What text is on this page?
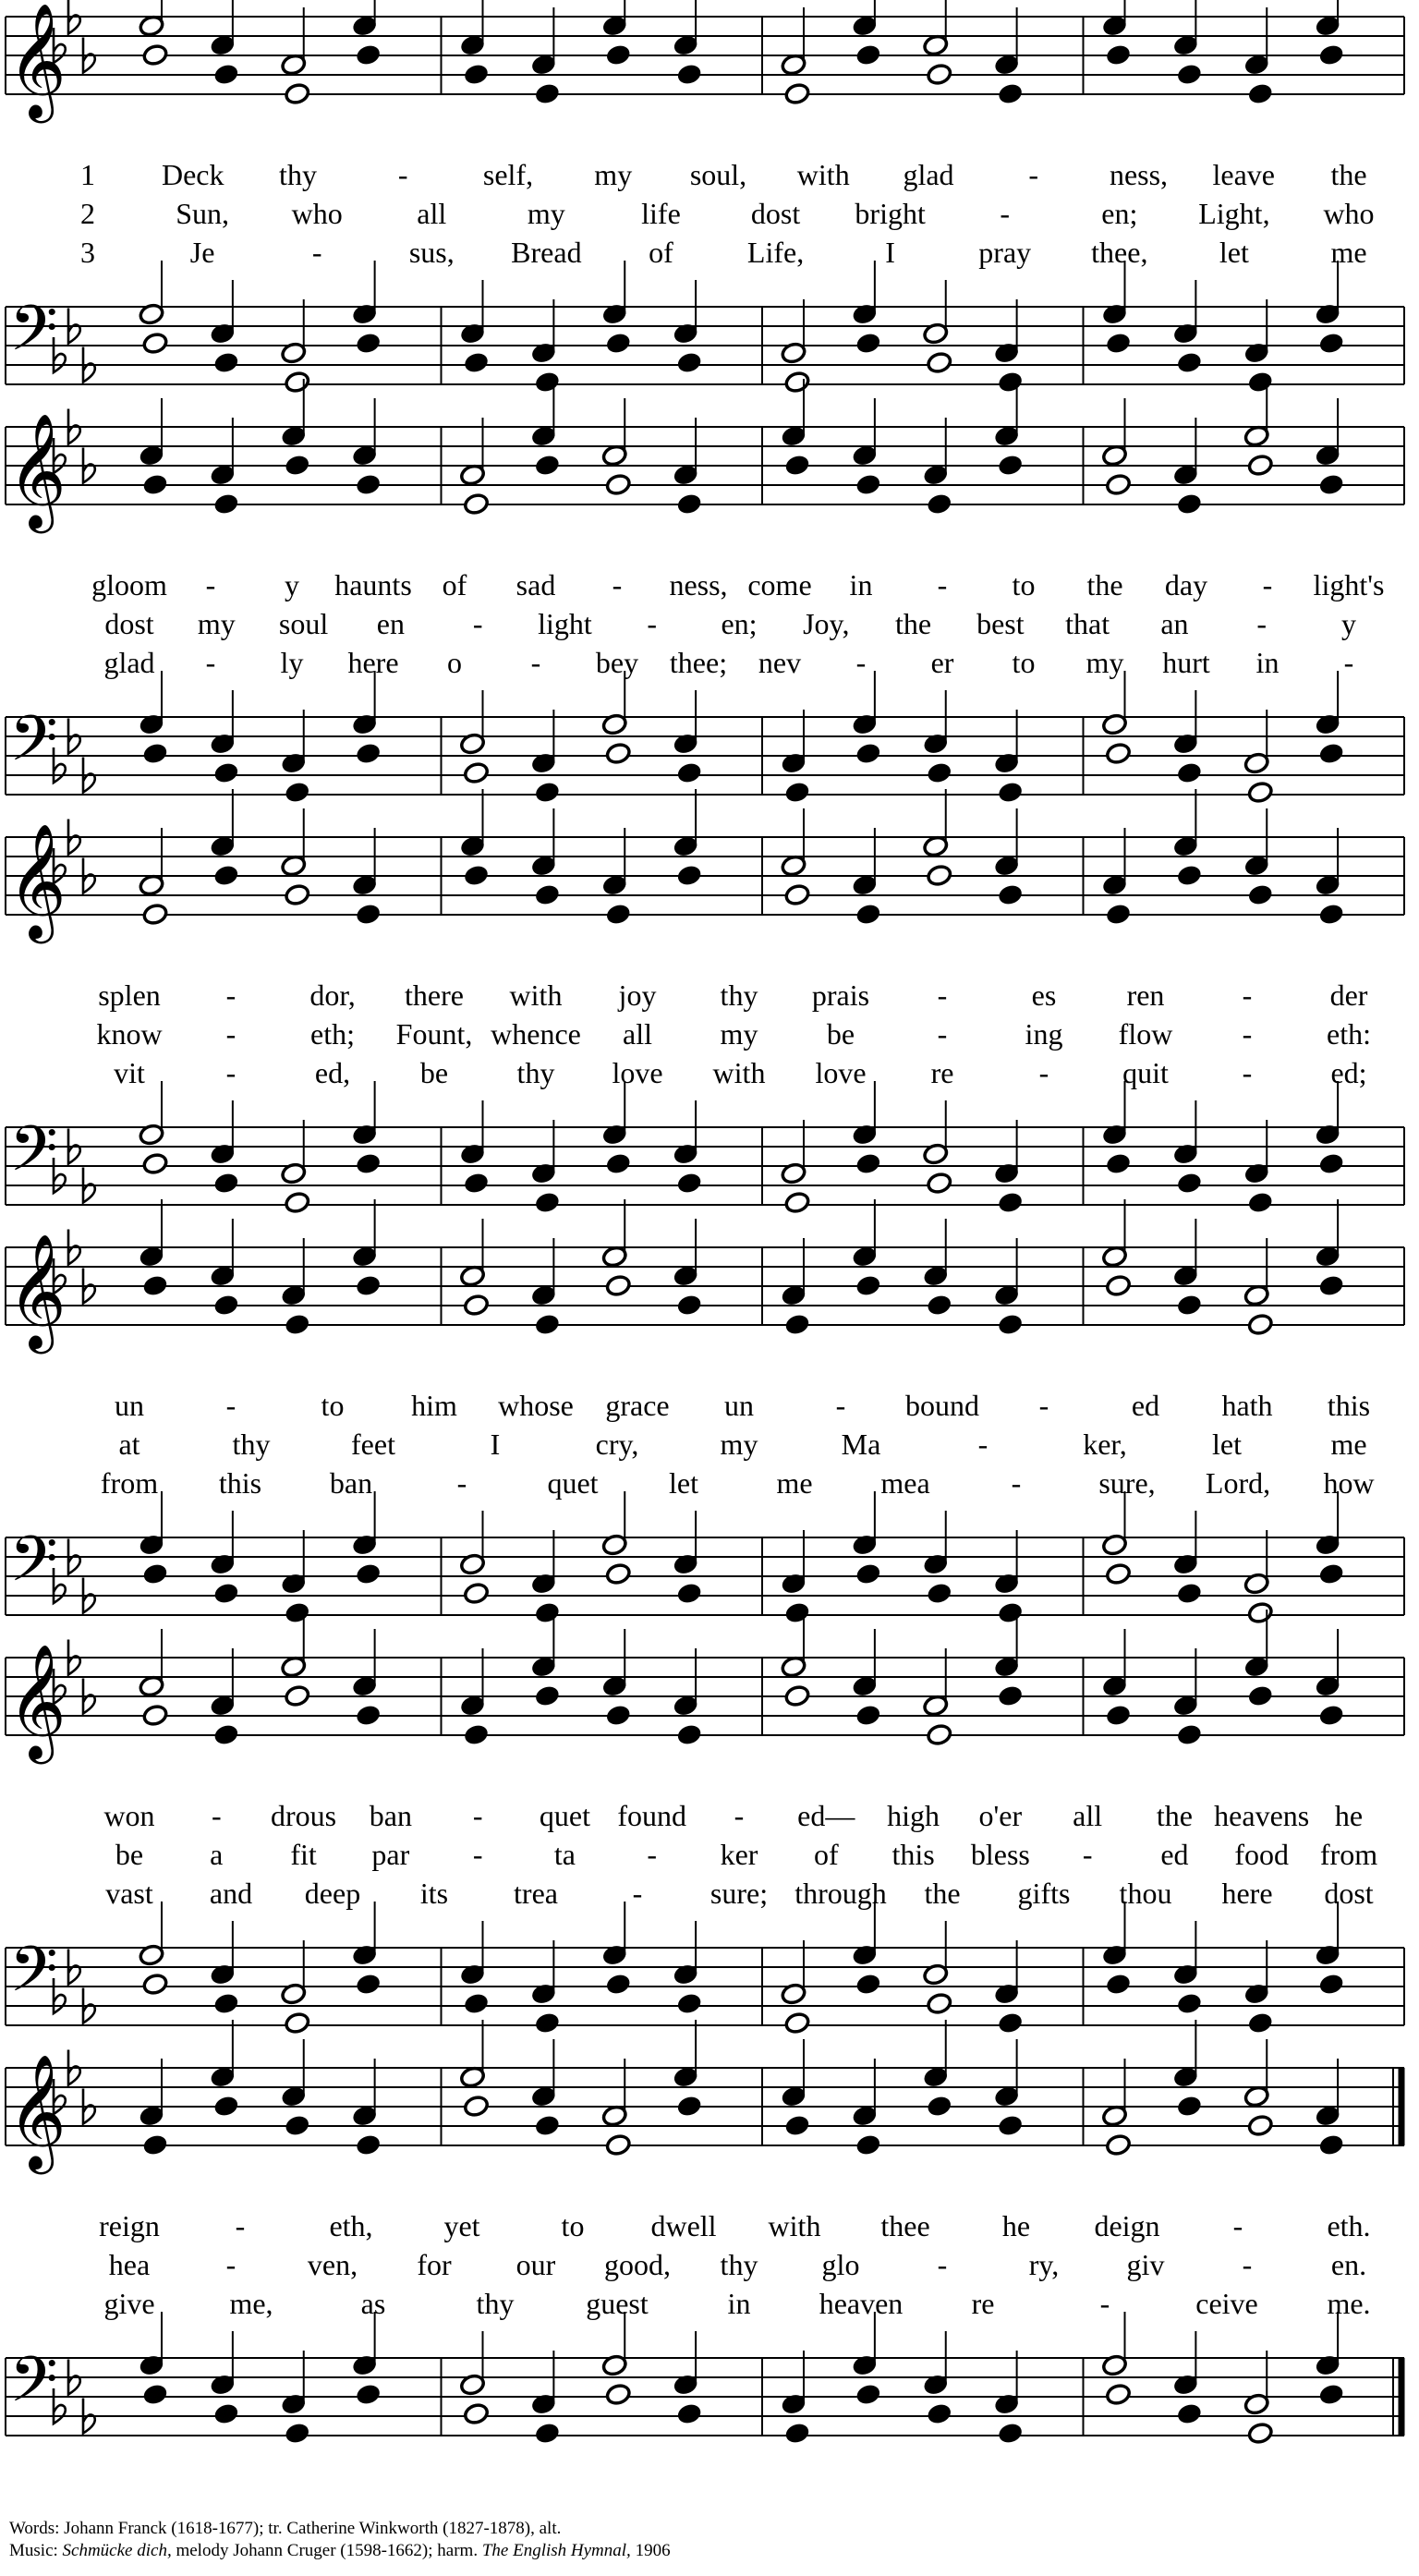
𝄞
𝄢
1 Deck thy	-	self, my soul, with glad	- ness, leave the
2	Sun, who	all	my	life dost bright	-	en; Light, who
3	Je	-	sus, Bread of	Life,	I	pray thee, let	me
𝄞
𝄢
gloom - y haunts of sad - ness, come in - to the day - light's
dost my soul en - light - en; Joy, the best that an -	y
glad - ly here o - bey thee; nev - er to my hurt in -
𝄞
𝄢
splen - dor, there with joy thy prais -	es ren	-	der
know -	eth; Fount, whence all my be	-	ing flow -	eth:
vit	-	ed, be thy love with love re	- quit -	ed;
𝄞
𝄢
un	-	to him whose grace un	- bound -	ed hath this
at	thy	feet	I	cry,	my	Ma	-	ker,	let	me
from this ban	-	quet let	me mea	-	sure, Lord, how
𝄞
𝄢
won - drous ban - quet found - ed— high o'er all the heavens he
be a fit par - ta - ker of this bless - ed food from
vast and deep its trea	- sure; through the gifts thou here dost
𝄞
𝄢
reign	-	eth, yet	to dwell with thee he deign -	eth.
hea	- ven, for our good, thy glo	-	ry, giv	-	en.
give	me,	as	thy guest	in heaven re	-	ceive me.
Words: Johann Franck (1618-1677); tr. Catherine Winkworth (1827-1878), alt.
Music: Schmücke dich, melody Johann Cruger (1598-1662); harm. The English Hymnal, 1906
